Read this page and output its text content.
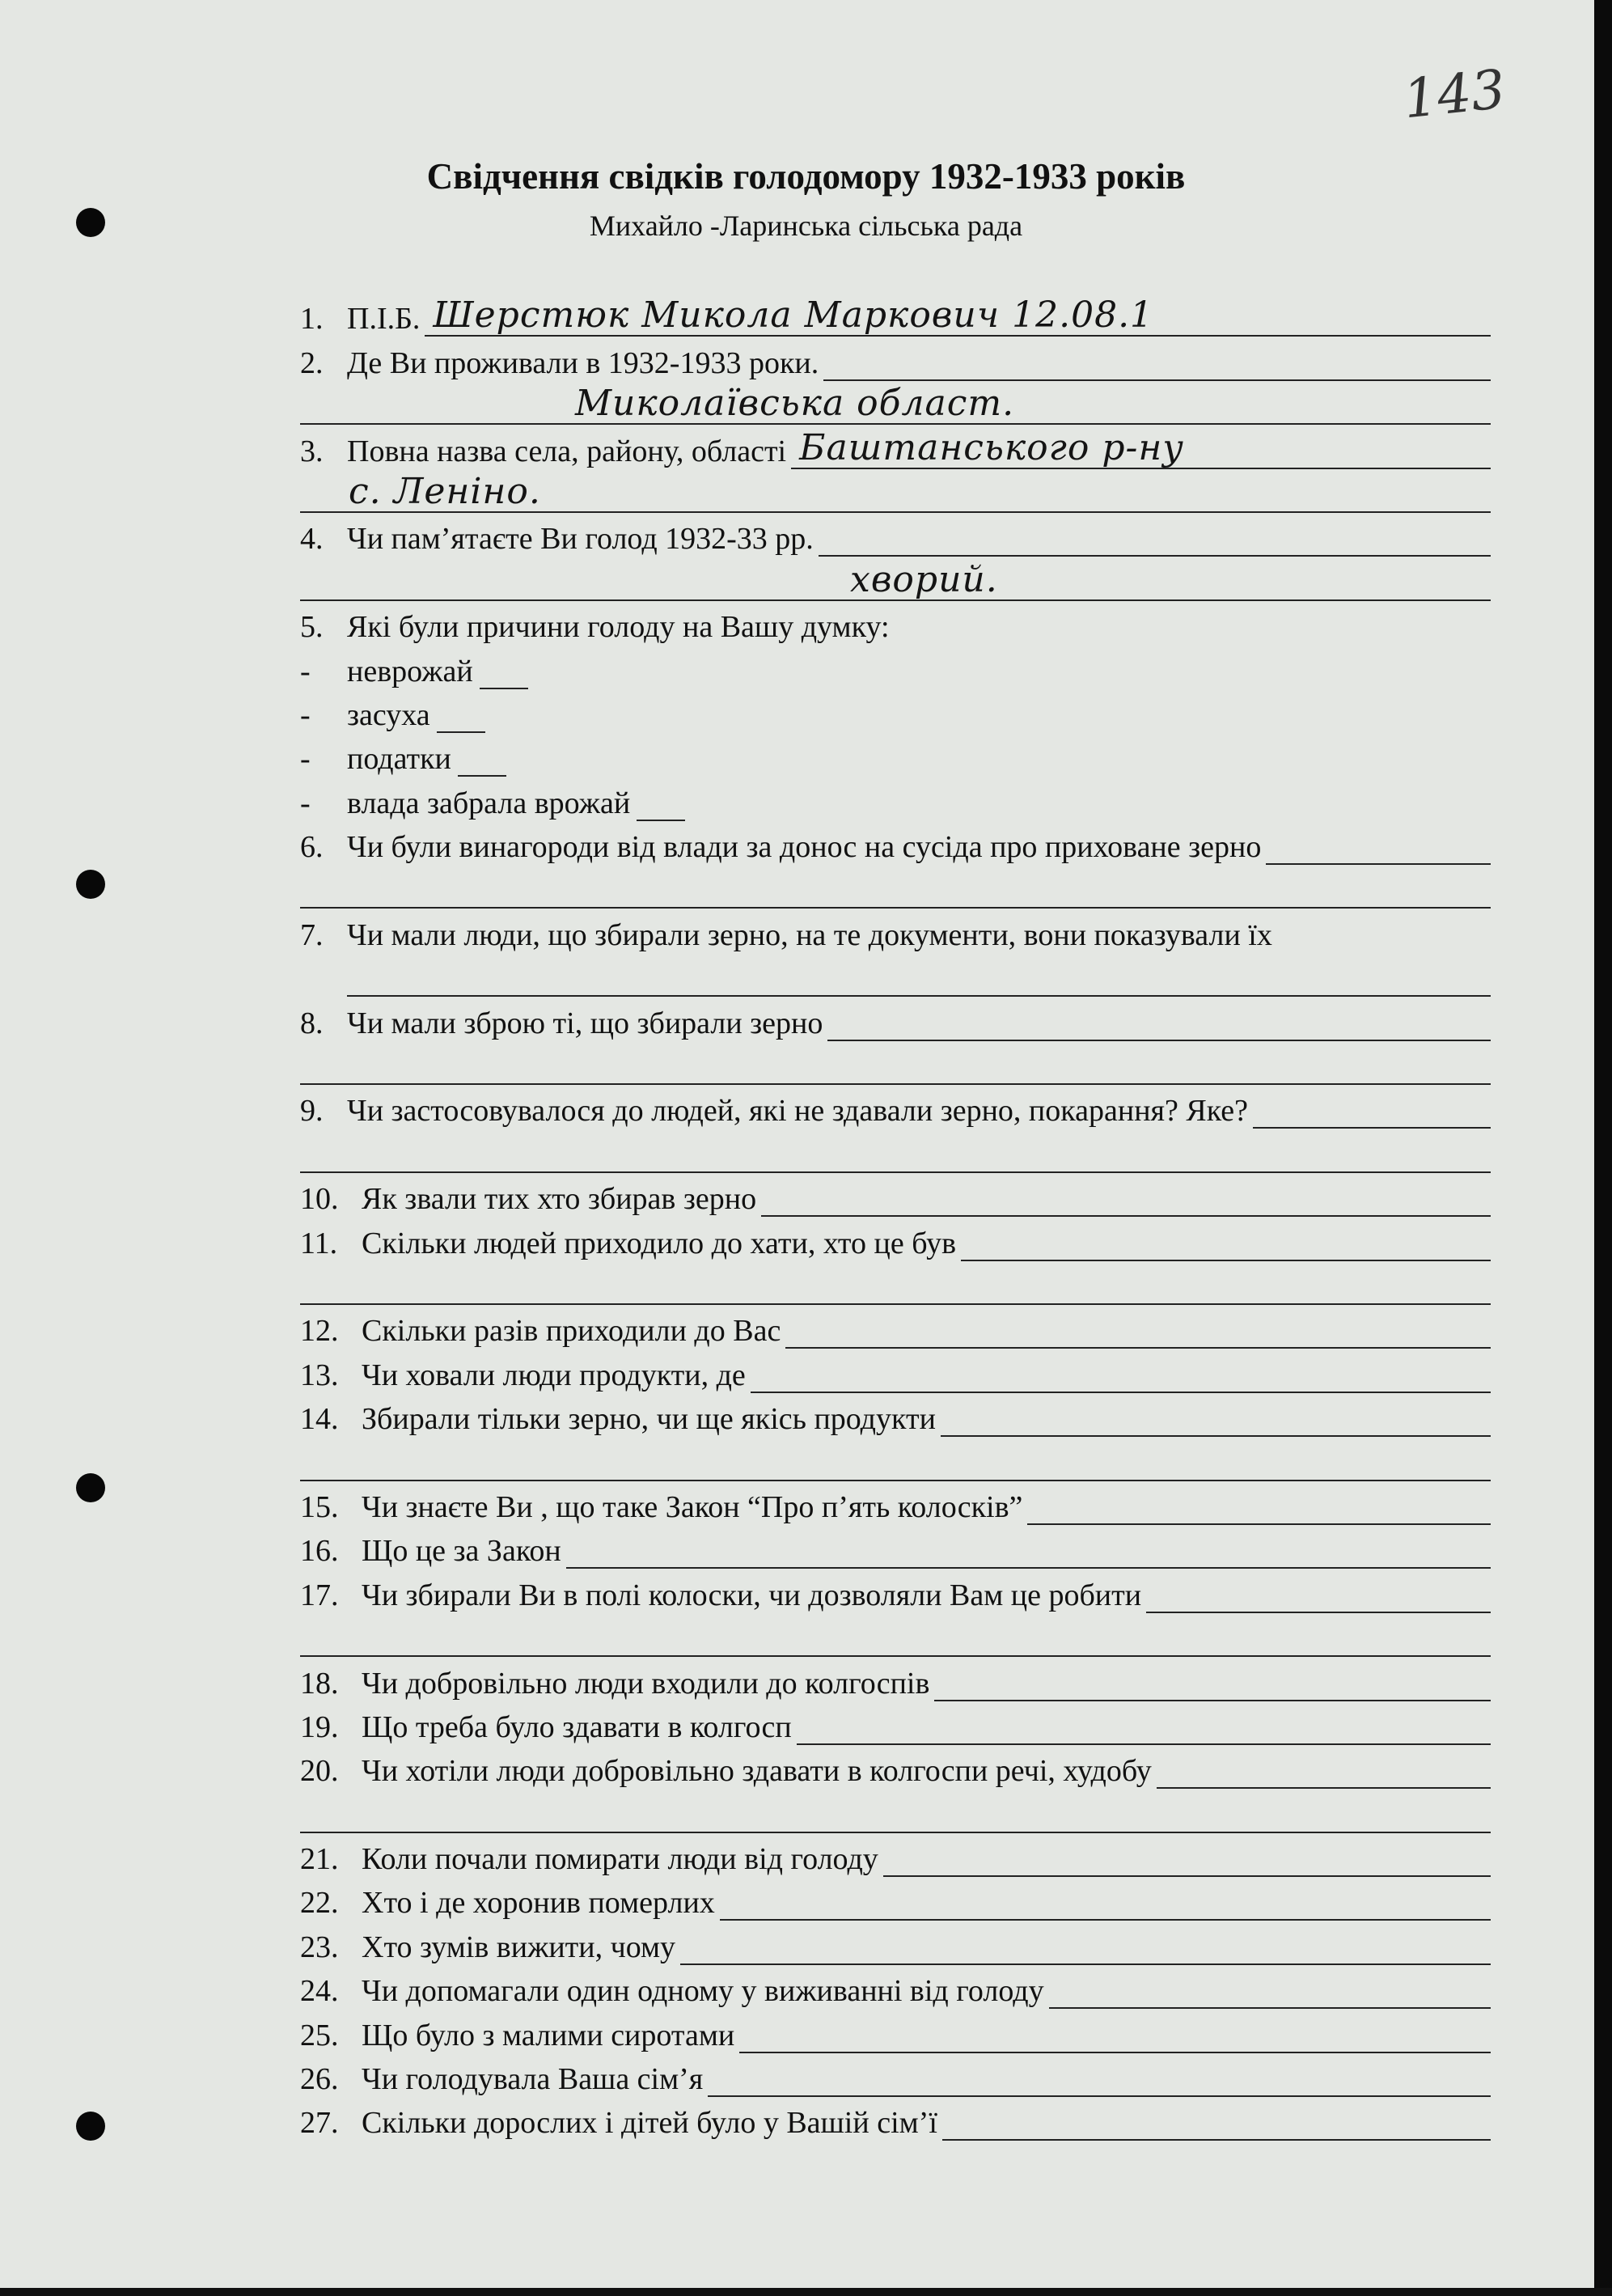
143
Свідчення свідків голодомору 1932-1933 років
Михайло -Ларинська сільська рада
1. П.І.Б. Шерстюк Микола Маркович 12.08.1
2. Де Ви проживали в 1932-1933 роки.
Миколаївська област.
3. Повна назва села, району, області Баштанського р-ну
с. Леніно.
4. Чи пам’ятаєте Ви голод 1932-33 рр.
хворий.
5. Які були причини голоду на Вашу думку:
-	неврожай
-	засуха
-	податки
-	влада забрала врожай
6. Чи були винагороди від влади за донос на сусіда про приховане зерно
7. Чи мали люди, що збирали зерно, на те документи, вони показували їх
8. Чи мали зброю ті, що збирали зерно
9. Чи застосовувалося до людей, які не здавали зерно, покарання? Яке?
10. Як звали тих хто збирав зерно
11. Скільки людей приходило до хати, хто це був
12. Скільки разів приходили до Вас
13. Чи ховали люди продукти, де
14. Збирали тільки зерно, чи ще якісь продукти
15. Чи знаєте Ви , що таке Закон “Про п’ять колосків”
16. Що це за Закон
17. Чи збирали Ви в полі колоски, чи дозволяли Вам це робити
18. Чи добровільно люди входили до колгоспів
19. Що треба було здавати в колгосп
20. Чи хотіли люди добровільно здавати в колгоспи речі, худобу
21. Коли почали помирати люди від голоду
22. Хто і де хоронив померлих
23. Хто зумів вижити, чому
24. Чи допомагали один одному у виживанні від голоду
25. Що було з малими сиротами
26. Чи голодувала Ваша сім’я
27. Скільки дорослих і дітей було у Вашій сім’ї
